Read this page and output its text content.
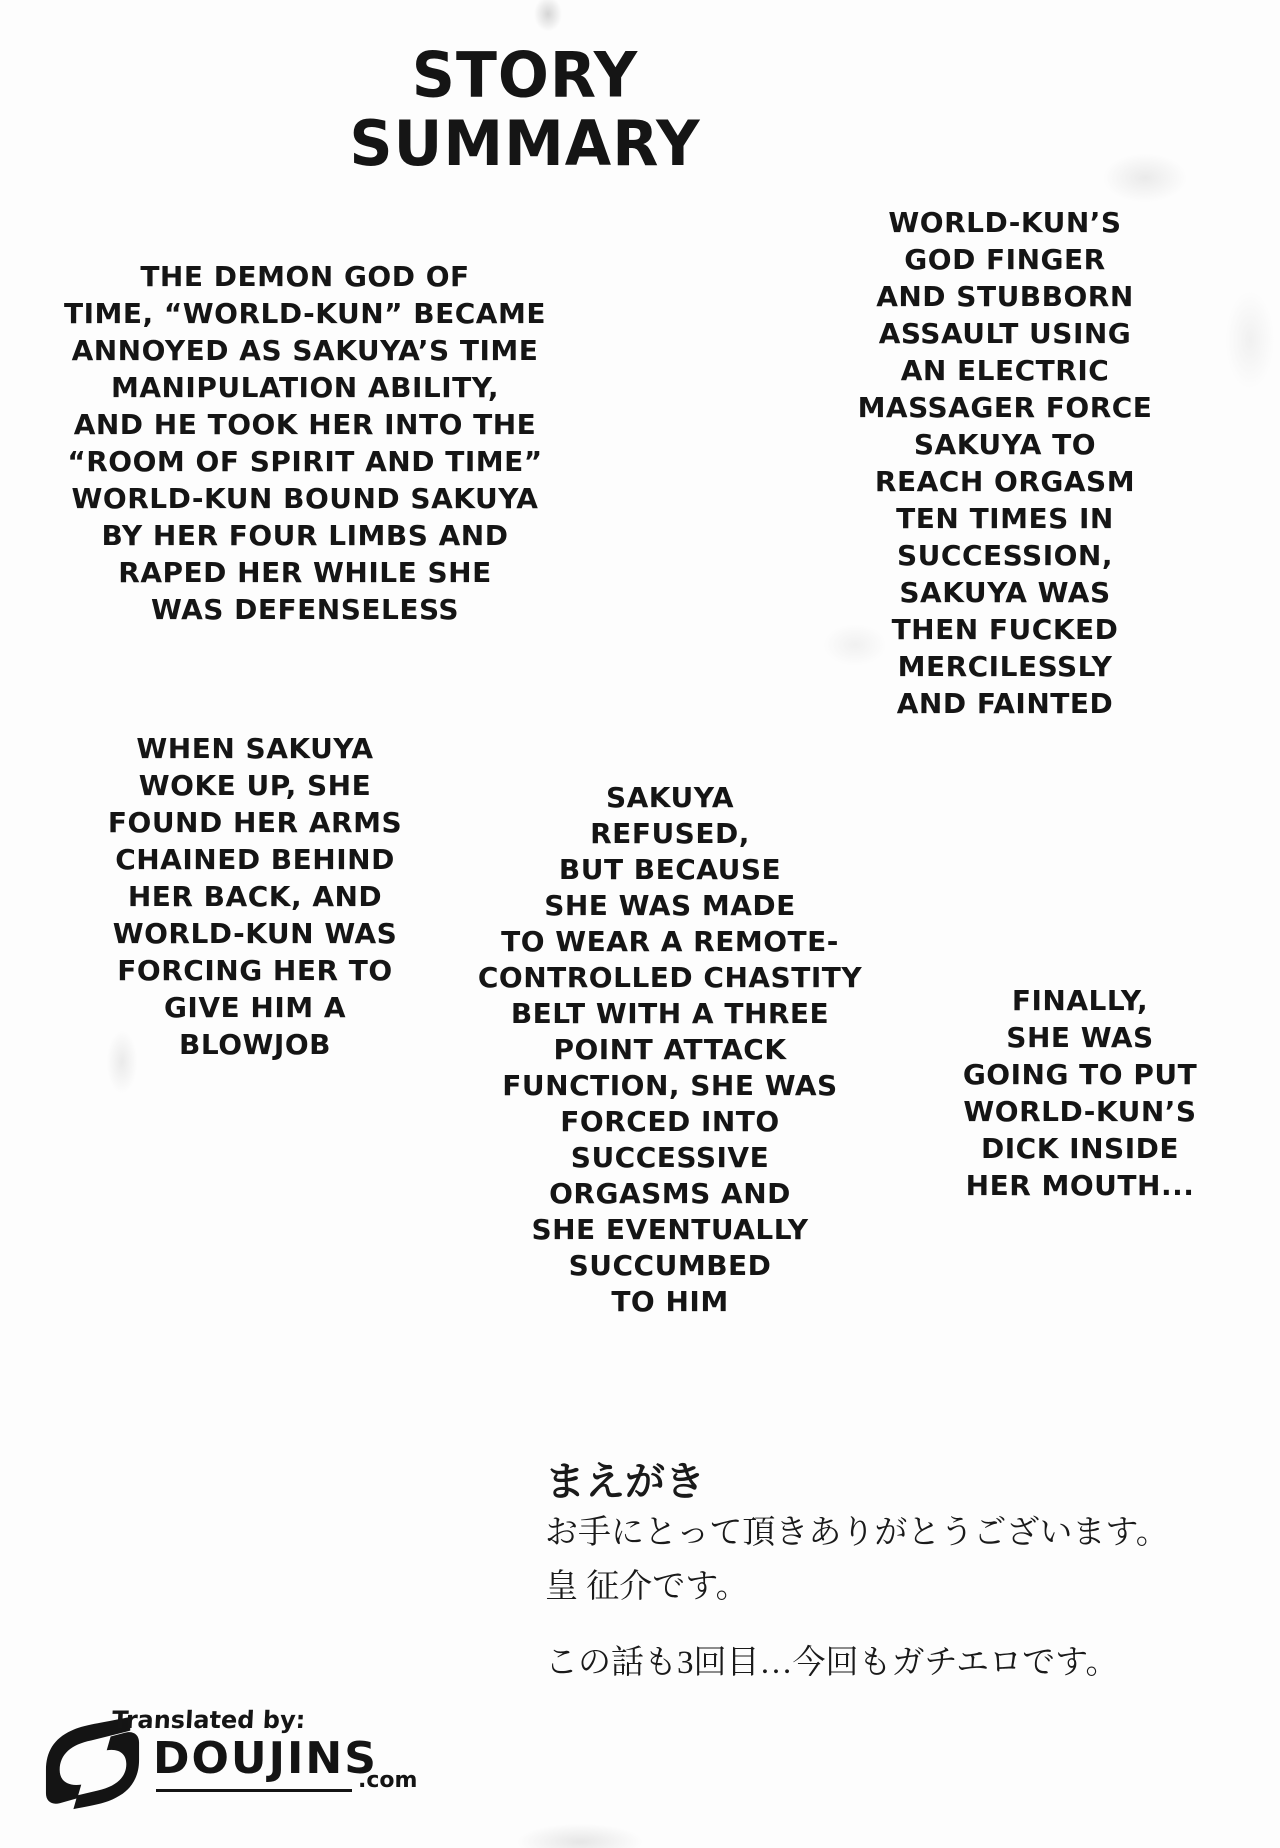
STORY SUMMARY
THE DEMON GOD OF
TIME, “WORLD-KUN” BECAME
ANNOYED AS SAKUYA’S TIME
MANIPULATION ABILITY,
AND HE TOOK HER INTO THE
“ROOM OF SPIRIT AND TIME”
WORLD-KUN BOUND SAKUYA
BY HER FOUR LIMBS AND
RAPED HER WHILE SHE
WAS DEFENSELESS
WORLD-KUN’S
GOD FINGER
AND STUBBORN
ASSAULT USING
AN ELECTRIC
MASSAGER FORCE
SAKUYA TO
REACH ORGASM
TEN TIMES IN
SUCCESSION,
SAKUYA WAS
THEN FUCKED
MERCILESSLY
AND FAINTED
WHEN SAKUYA
WOKE UP, SHE
FOUND HER ARMS
CHAINED BEHIND
HER BACK, AND
WORLD-KUN WAS
FORCING HER TO
GIVE HIM A
BLOWJOB
SAKUYA
REFUSED,
BUT BECAUSE
SHE WAS MADE
TO WEAR A REMOTE-
CONTROLLED CHASTITY
BELT WITH A THREE
POINT ATTACK
FUNCTION, SHE WAS
FORCED INTO
SUCCESSIVE
ORGASMS AND
SHE EVENTUALLY
SUCCUMBED
TO HIM
FINALLY,
SHE WAS
GOING TO PUT
WORLD-KUN’S
DICK INSIDE
HER MOUTH...
まえがき
お手にとって頂きありがとうございます。
皇 征介です。
この話も3回目…今回もガチエロです。
Translated by:
DOUJINS
.com
